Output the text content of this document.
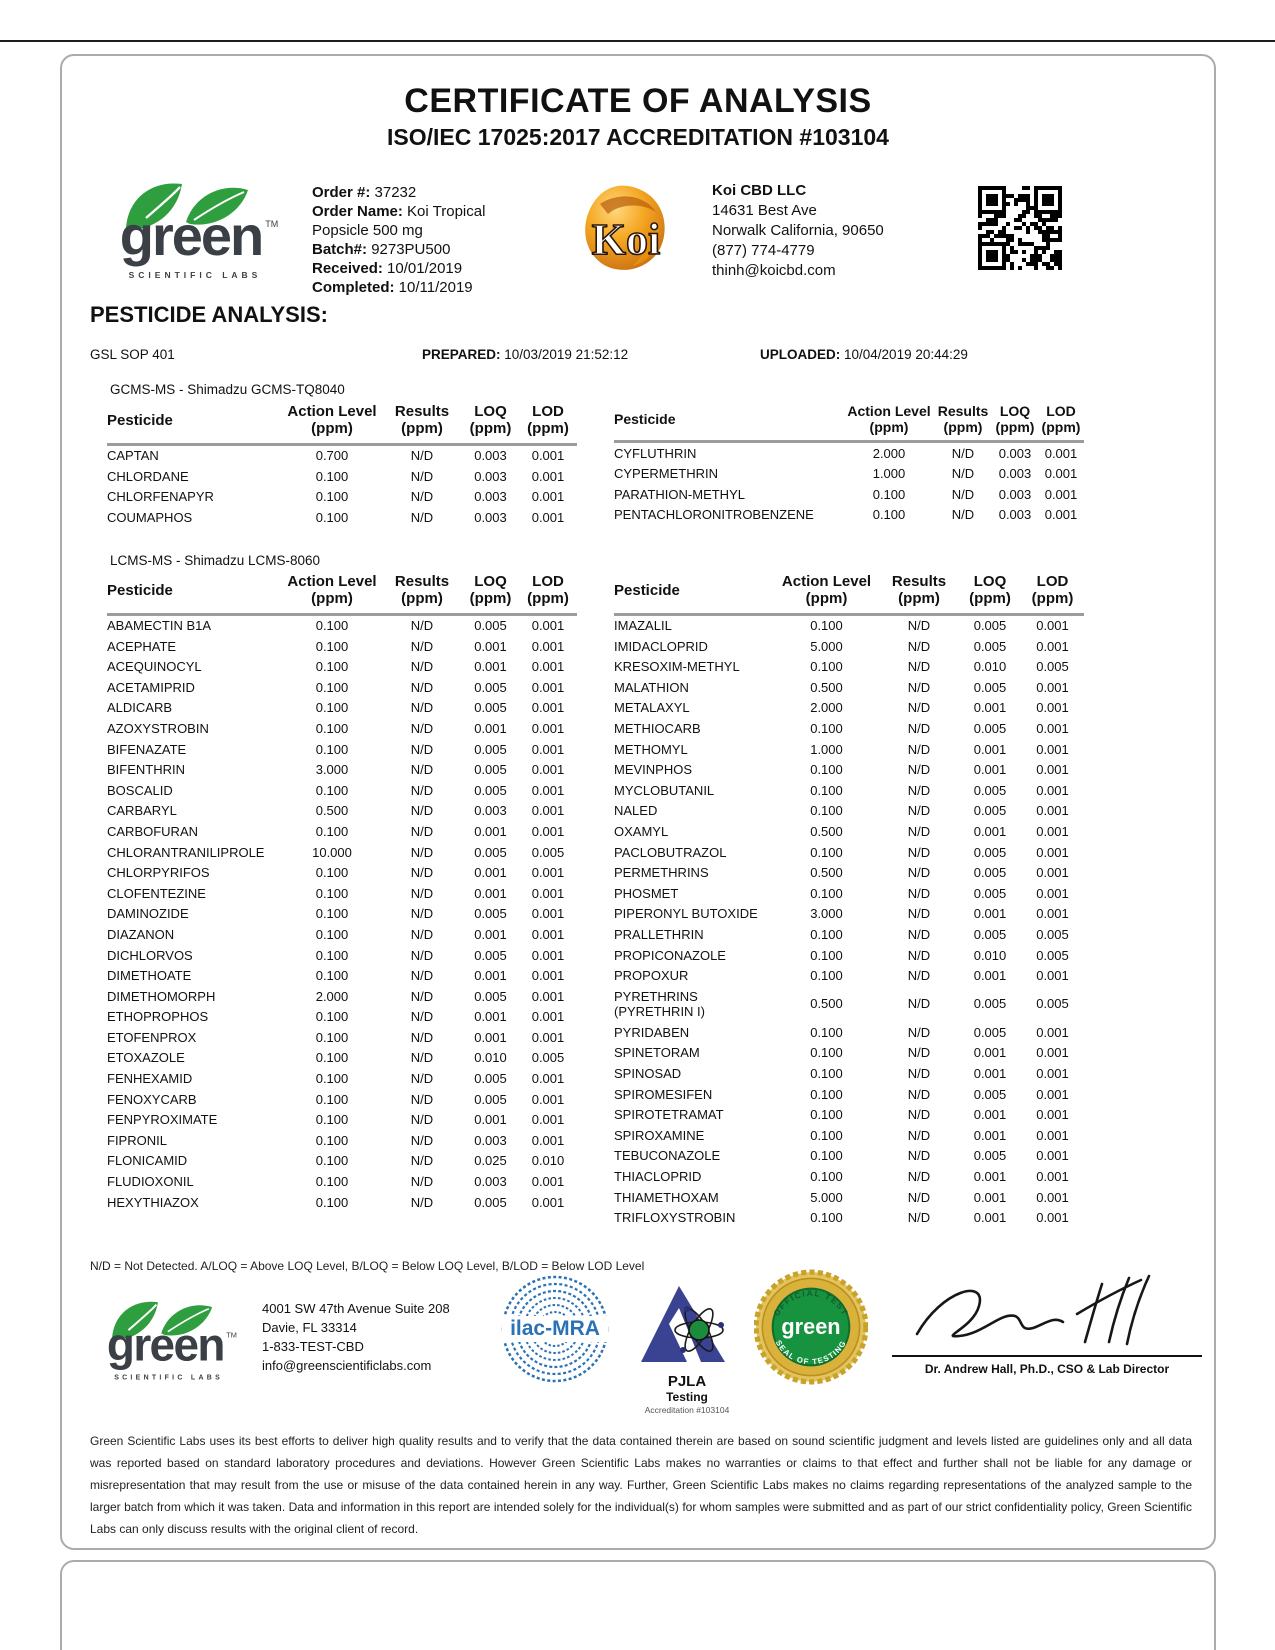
CERTIFICATE OF ANALYSIS
ISO/IEC 17025:2017 ACCREDITATION #103104
green ™
SCIENTIFIC LABS
Order #: 37232
Order Name: Koi Tropical Popsicle 500 mg
Batch#: 9273PU500
Received: 10/01/2019
Completed: 10/11/2019
Koi
Koi CBD LLC
14631 Best Ave
Norwalk California, 90650
(877) 774-4779
thinh@koicbd.com
PESTICIDE ANALYSIS:
GSL SOP 401	PREPARED: 10/03/2019 21:52:12	UPLOADED: 10/04/2019 20:44:29
GCMS-MS - Shimadzu GCMS-TQ8040
Pesticide

Action Level
(ppm)

Results
(ppm)

LOQ
(ppm)

LOD
(ppm)

CAPTAN	0.700	N/D	0.003	0.001
CHLORDANE	0.100	N/D	0.003	0.001
CHLORFENAPYR	0.100	N/D	0.003	0.001
COUMAPHOS	0.100	N/D	0.003	0.001
Pesticide

Action Level
(ppm)

Results
(ppm)

LOQ
(ppm)

LOD
(ppm)

CYFLUTHRIN	2.000	N/D	0.003	0.001
CYPERMETHRIN	1.000	N/D	0.003	0.001
PARATHION-METHYL	0.100	N/D	0.003	0.001
PENTACHLORONITROBENZENE	0.100	N/D	0.003	0.001
LCMS-MS - Shimadzu LCMS-8060
Pesticide

Action Level
(ppm)

Results
(ppm)

LOQ
(ppm)

LOD
(ppm)

ABAMECTIN B1A	0.100	N/D	0.005	0.001
ACEPHATE	0.100	N/D	0.001	0.001
ACEQUINOCYL	0.100	N/D	0.001	0.001
ACETAMIPRID	0.100	N/D	0.005	0.001
ALDICARB	0.100	N/D	0.005	0.001
AZOXYSTROBIN	0.100	N/D	0.001	0.001
BIFENAZATE	0.100	N/D	0.005	0.001
BIFENTHRIN	3.000	N/D	0.005	0.001
BOSCALID	0.100	N/D	0.005	0.001
CARBARYL	0.500	N/D	0.003	0.001
CARBOFURAN	0.100	N/D	0.001	0.001
CHLORANTRANILIPROLE	10.000	N/D	0.005	0.005
CHLORPYRIFOS	0.100	N/D	0.001	0.001
CLOFENTEZINE	0.100	N/D	0.001	0.001
DAMINOZIDE	0.100	N/D	0.005	0.001
DIAZANON	0.100	N/D	0.001	0.001
DICHLORVOS	0.100	N/D	0.005	0.001
DIMETHOATE	0.100	N/D	0.001	0.001
DIMETHOMORPH	2.000	N/D	0.005	0.001
ETHOPROPHOS	0.100	N/D	0.001	0.001
ETOFENPROX	0.100	N/D	0.001	0.001
ETOXAZOLE	0.100	N/D	0.010	0.005
FENHEXAMID	0.100	N/D	0.005	0.001
FENOXYCARB	0.100	N/D	0.005	0.001
FENPYROXIMATE	0.100	N/D	0.001	0.001
FIPRONIL	0.100	N/D	0.003	0.001
FLONICAMID	0.100	N/D	0.025	0.010
FLUDIOXONIL	0.100	N/D	0.003	0.001
HEXYTHIAZOX	0.100	N/D	0.005	0.001
Pesticide

Action Level
(ppm)

Results
(ppm)

LOQ
(ppm)

LOD
(ppm)

IMAZALIL	0.100	N/D	0.005	0.001
IMIDACLOPRID	5.000	N/D	0.005	0.001
KRESOXIM-METHYL	0.100	N/D	0.010	0.005
MALATHION	0.500	N/D	0.005	0.001
METALAXYL	2.000	N/D	0.001	0.001
METHIOCARB	0.100	N/D	0.005	0.001
METHOMYL	1.000	N/D	0.001	0.001
MEVINPHOS	0.100	N/D	0.001	0.001
MYCLOBUTANIL	0.100	N/D	0.005	0.001
NALED	0.100	N/D	0.005	0.001
OXAMYL	0.500	N/D	0.001	0.001
PACLOBUTRAZOL	0.100	N/D	0.005	0.001
PERMETHRINS	0.500	N/D	0.005	0.001
PHOSMET	0.100	N/D	0.005	0.001
PIPERONYL BUTOXIDE	3.000	N/D	0.001	0.001
PRALLETHRIN	0.100	N/D	0.005	0.005
PROPICONAZOLE	0.100	N/D	0.010	0.005
PROPOXUR	0.100	N/D	0.001	0.001
PYRETHRINS (PYRETHRIN I)	0.500	N/D	0.005	0.005
PYRIDABEN	0.100	N/D	0.005	0.001
SPINETORAM	0.100	N/D	0.001	0.001
SPINOSAD	0.100	N/D	0.001	0.001
SPIROMESIFEN	0.100	N/D	0.005	0.001
SPIROTETRAMAT	0.100	N/D	0.001	0.001
SPIROXAMINE	0.100	N/D	0.001	0.001
TEBUCONAZOLE	0.100	N/D	0.005	0.001
THIACLOPRID	0.100	N/D	0.001	0.001
THIAMETHOXAM	5.000	N/D	0.001	0.001
TRIFLOXYSTROBIN	0.100	N/D	0.001	0.001
N/D = Not Detected. A/LOQ = Above LOQ Level, B/LOQ = Below LOQ Level, B/LOD = Below LOD Level
green ™
SCIENTIFIC LABS
4001 SW 47th Avenue Suite 208
Davie, FL 33314
1-833-TEST-CBD
info@greenscientificlabs.com
ilac-MRA
PJLA
Testing
Accreditation #103104
OFFICIAL TEST
green
SEAL OF TESTING
Dr. Andrew Hall, Ph.D., CSO & Lab Director
Green Scientific Labs uses its best efforts to deliver high quality results and to verify that the data contained therein are based on sound scientific judgment and levels listed are guidelines only and all data was reported based on standard laboratory procedures and deviations. However Green Scientific Labs makes no warranties or claims to that effect and further shall not be liable for any damage or misrepresentation that may result from the use or misuse of the data contained herein in any way. Further, Green Scientific Labs makes no claims regarding representations of the analyzed sample to the larger batch from which it was taken. Data and information in this report are intended solely for the individual(s) for whom samples were submitted and as part of our strict confidentiality policy, Green Scientific Labs can only discuss results with the original client of record.
